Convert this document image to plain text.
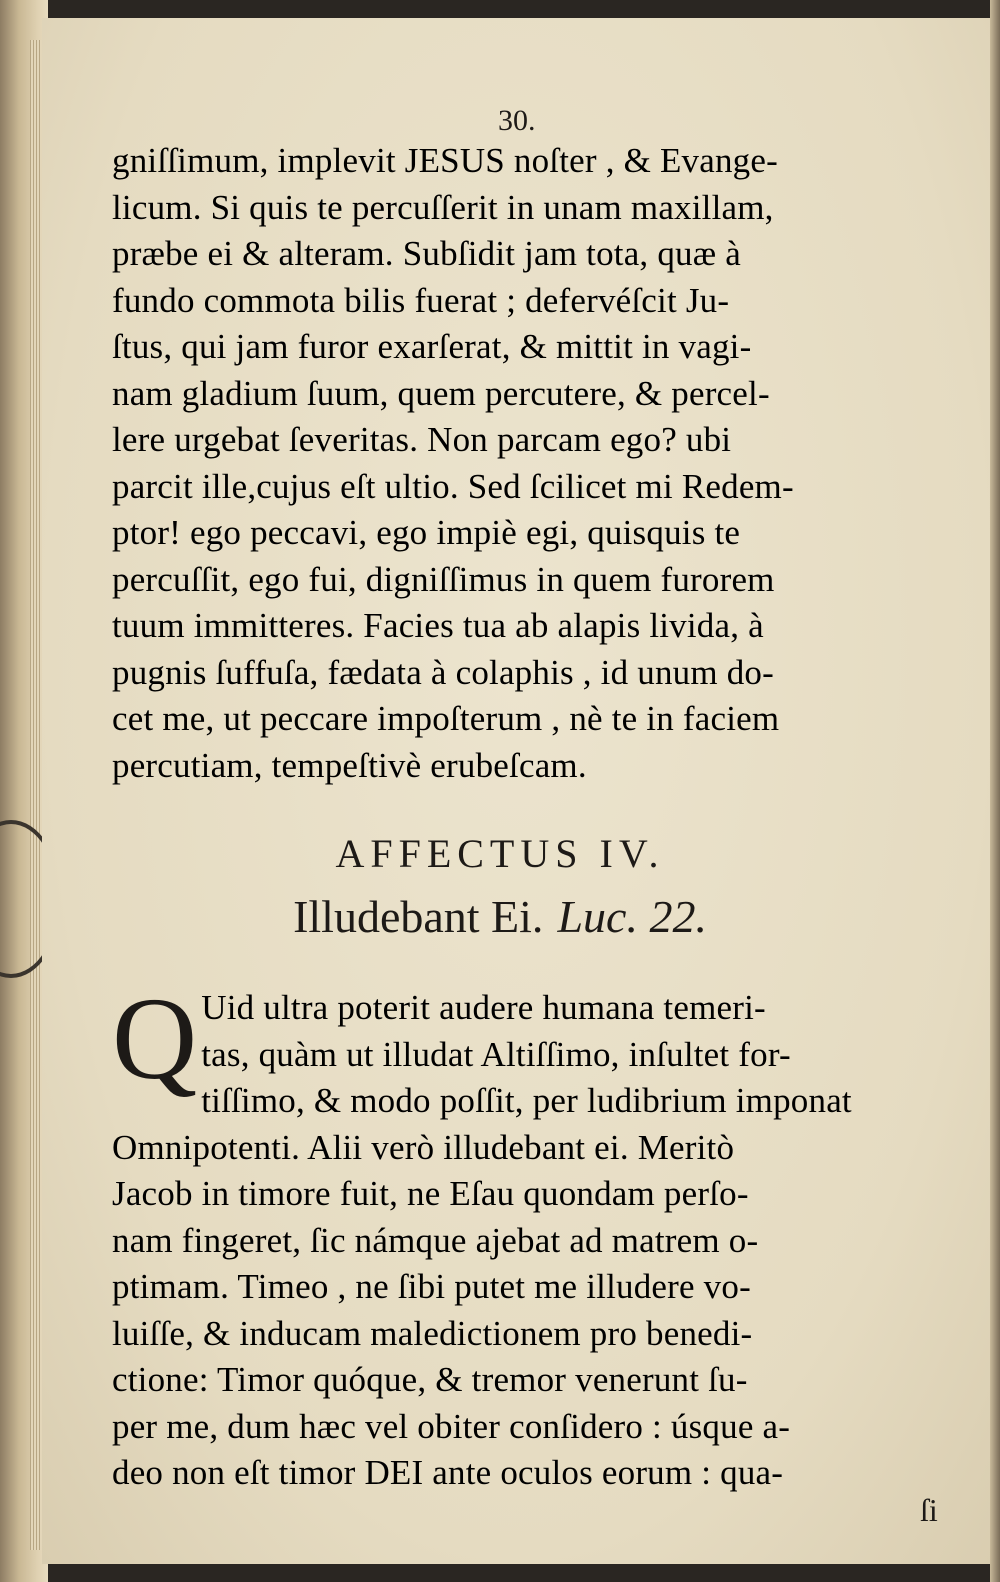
30.
gniſſimum, implevit JESUS noſter , & Evange-
licum. Si quis te percuſſerit in unam maxillam,
præbe ei & alteram. Subſidit jam tota, quæ à
fundo commota bilis fuerat ; defervéſcit Ju-
ſtus, qui jam furor exarſerat, & mittit in vagi-
nam gladium ſuum, quem percutere, & percel-
lere urgebat ſeveritas. Non parcam ego? ubi
parcit ille,cujus eſt ultio. Sed ſcilicet mi Redem-
ptor! ego peccavi, ego impiè egi, quisquis te
percuſſit, ego fui, digniſſimus in quem furorem
tuum immitteres. Facies tua ab alapis livida, à
pugnis ſuffuſa, fædata à colaphis , id unum do-
cet me, ut peccare impoſterum , nè te in faciem
percutiam, tempeſtivè erubeſcam.
AFFECTUS IV.
Illudebant Ei. Luc. 22.
Q Uid ultra poterit audere humana temeri-
tas, quàm ut illudat Altiſſimo, inſultet for-
tiſſimo, & modo poſſit, per ludibrium imponat
Omnipotenti. Alii verò illudebant ei. Meritò
Jacob in timore fuit, ne Eſau quondam perſo-
nam fingeret, ſic námque ajebat ad matrem o-
ptimam. Timeo , ne ſibi putet me illudere vo-
luiſſe, & inducam maledictionem pro benedi-
ctione: Timor quóque, & tremor venerunt ſu-
per me, dum hæc vel obiter conſidero : úsque a-
deo non eſt timor DEI ante oculos eorum : qua-
ſi
